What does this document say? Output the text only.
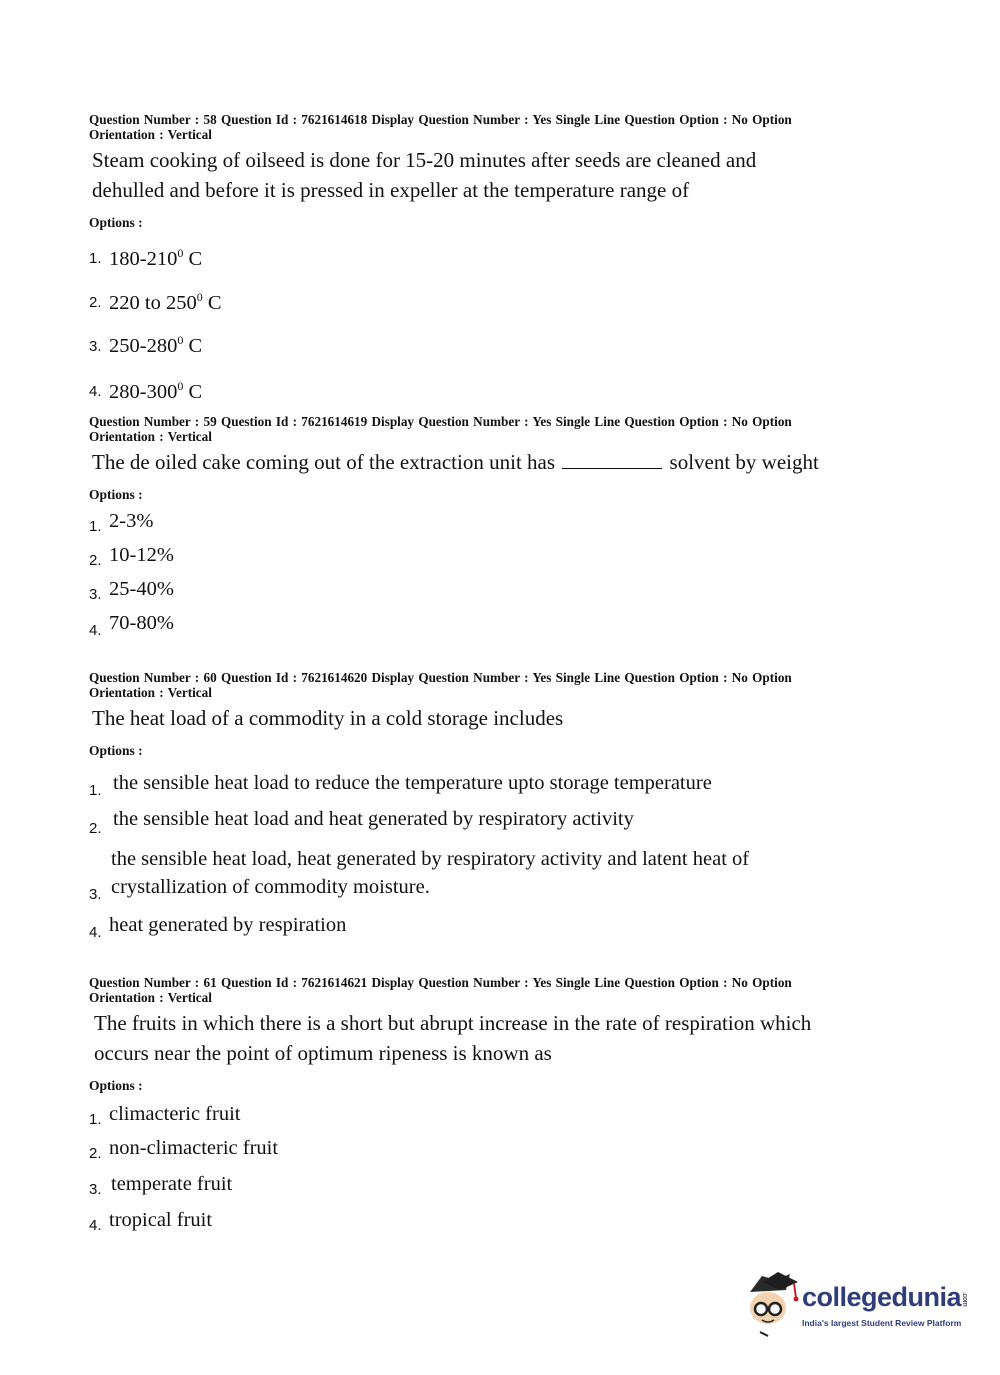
Question Number : 58 Question Id : 7621614618 Display Question Number : Yes Single Line Question Option : No Option
Orientation : Vertical
Steam cooking of oilseed is done for 15-20 minutes after seeds are cleaned and
dehulled and before it is pressed in expeller at the temperature range of
Options :
1. $180-210^0$ C
2. 220 to $250^0$ C
3. $250-280^0$ C
4. $280-300^0$ C
Question Number : 59 Question Id : 7621614619 Display Question Number : Yes Single Line Question Option : No Option
Orientation : Vertical
The de oiled cake coming out of the extraction unit has	solvent by weight
Options :
1. 2-3%
2. 10-12%
3. 25-40%
4. 70-80%
Question Number : 60 Question Id : 7621614620 Display Question Number : Yes Single Line Question Option : No Option
Orientation : Vertical
The heat load of a commodity in a cold storage includes
Options :
1. the sensible heat load to reduce the temperature upto storage temperature
2. the sensible heat load and heat generated by respiratory activity
3.
the sensible heat load, heat generated by respiratory activity and latent heat of
crystallization of commodity moisture.
4. heat generated by respiration
Question Number : 61 Question Id : 7621614621 Display Question Number : Yes Single Line Question Option : No Option
Orientation : Vertical
The fruits in which there is a short but abrupt increase in the rate of respiration which
occurs near the point of optimum ripeness is known as
Options :
1. climacteric fruit
2. non-climacteric fruit
3. temperate fruit
4. tropical fruit
collegedunia.com
India's largest Student Review Platform
